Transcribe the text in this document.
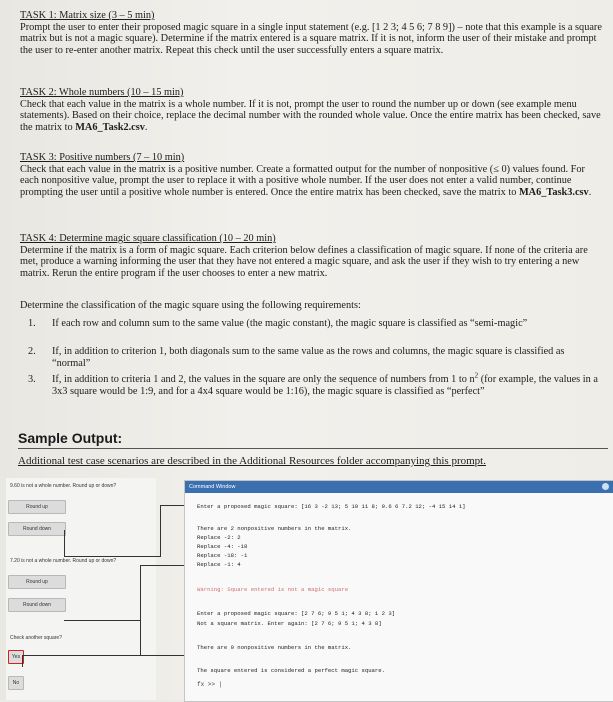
TASK 1: Matrix size (3 – 5 min)

Prompt the user to enter their proposed magic square in a single input statement (e.g. [1 2 3; 4 5 6; 7 8 9]) – note that this example is a square matrix but is not a magic square). Determine if the matrix entered is a square matrix. If it is not, inform the user of their mistake and prompt the user to re-enter another matrix. Repeat this check until the user successfully enters a square matrix.

TASK 2: Whole numbers (10 – 15 min)

Check that each value in the matrix is a whole number. If it is not, prompt the user to round the number up or down (see example menu statements). Based on their choice, replace the decimal number with the rounded whole value. Once the entire matrix has been checked, save the matrix to MA6_Task2.csv.

TASK 3: Positive numbers (7 – 10 min)

Check that each value in the matrix is a positive number. Create a formatted output for the number of nonpositive (≤ 0) values found. For each nonpositive value, prompt the user to replace it with a positive whole number. If the user does not enter a valid number, continue prompting the user until a positive whole number is entered. Once the entire matrix has been checked, save the matrix to MA6_Task3.csv.

TASK 4: Determine magic square classification (10 – 20 min)

Determine if the matrix is a form of magic square. Each criterion below defines a classification of magic square. If none of the criteria are met, produce a warning informing the user that they have not entered a magic square, and ask the user if they wish to try entering a new matrix. Rerun the entire program if the user chooses to enter a new matrix.

Determine the classification of the magic square using the following requirements:
1.	If each row and column sum to the same value (the magic constant), the magic square is classified as “semi-magic”
2.	If, in addition to criterion 1, both diagonals sum to the same value as the rows and columns, the magic square is classified as “normal”
3.	If, in addition to criteria 1 and 2, the values in the square are only the sequence of numbers from 1 to $n^2$ (for example, the values in a 3x3 square would be 1:9, and for a 4x4 square would be 1:16), the magic square is classified as “perfect”
Sample Output:
Additional test case scenarios are described in the Additional Resources folder accompanying this prompt.
9.60 is not a whole number. Round up or down?
Round up
Round down
7.20 is not a whole number. Round up or down?
Round up
Round down
Check another square?
Yes
No
Command Window
Enter a proposed magic square: [16 3 -2 13; 5 10 11 8; 9.6 6 7.2 12; -4 15 14 1]
There are 2 nonpositive numbers in the matrix.
Replace -2: 2
Replace -4: -18
Replace -18: -1
Replace -1: 4
Warning: Square entered is not a magic square
Enter a proposed magic square: [2 7 6; 9 5 1; 4 3 8; 1 2 3]
Not a square matrix. Enter again: [2 7 6; 9 5 1; 4 3 8]
There are 0 nonpositive numbers in the matrix.
The square entered is considered a perfect magic square.
fx >> |
